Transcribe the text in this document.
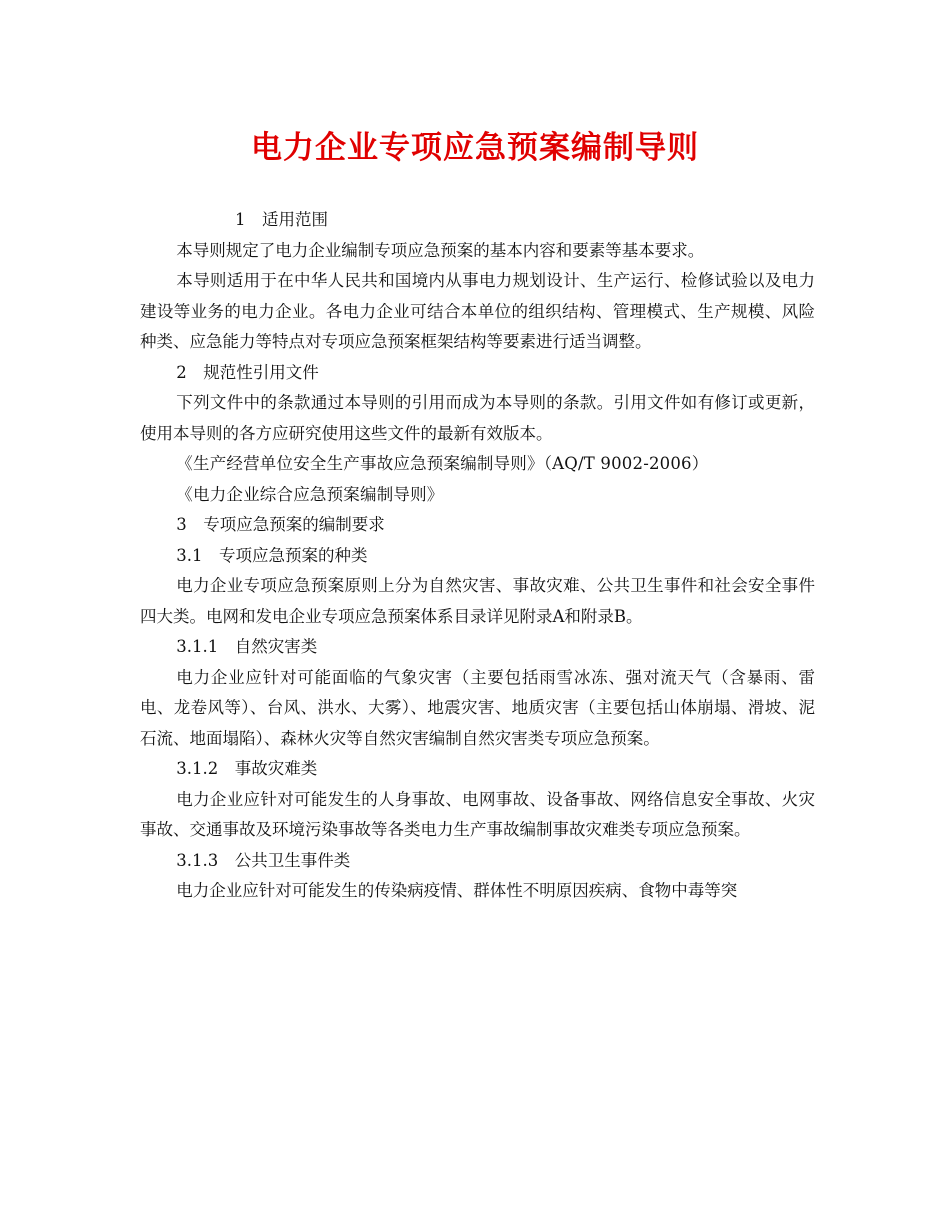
电力企业专项应急预案编制导则

1　适用范围

本导则规定了电力企业编制专项应急预案的基本内容和要素等基本要求。

本导则适用于在中华人民共和国境内从事电力规划设计、生产运行、检修试验以及电力建设等业务的电力企业。各电力企业可结合本单位的组织结构、管理模式、生产规模、风险种类、应急能力等特点对专项应急预案框架结构等要素进行适当调整。

2　规范性引用文件

下列文件中的条款通过本导则的引用而成为本导则的条款。引用文件如有修订或更新，使用本导则的各方应研究使用这些文件的最新有效版本。

《生产经营单位安全生产事故应急预案编制导则》（AQ/T 9002-2006）

《电力企业综合应急预案编制导则》

3　专项应急预案的编制要求

3.1　专项应急预案的种类

电力企业专项应急预案原则上分为自然灾害、事故灾难、公共卫生事件和社会安全事件四大类。电网和发电企业专项应急预案体系目录详见附录A和附录B。

3.1.1　自然灾害类

电力企业应针对可能面临的气象灾害（主要包括雨雪冰冻、强对流天气（含暴雨、雷电、龙卷风等）、台风、洪水、大雾）、地震灾害、地质灾害（主要包括山体崩塌、滑坡、泥石流、地面塌陷）、森林火灾等自然灾害编制自然灾害类专项应急预案。

3.1.2　事故灾难类

电力企业应针对可能发生的人身事故、电网事故、设备事故、网络信息安全事故、火灾事故、交通事故及环境污染事故等各类电力生产事故编制事故灾难类专项应急预案。

3.1.3　公共卫生事件类

电力企业应针对可能发生的传染病疫情、群体性不明原因疾病、食物中毒等突
